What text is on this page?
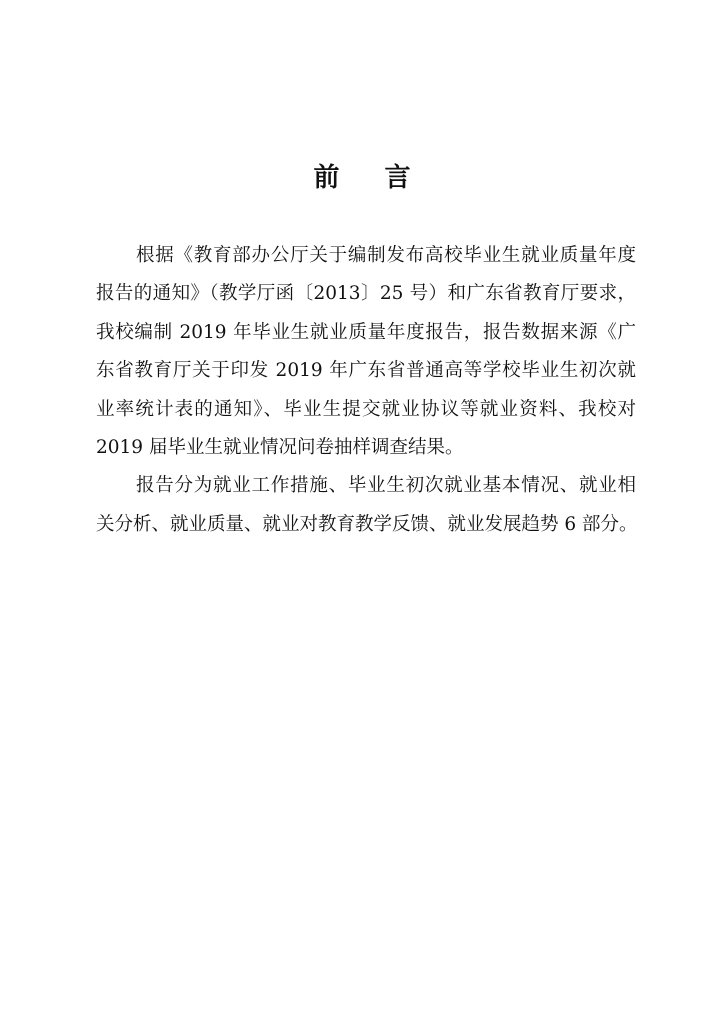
前 言
根据《教育部办公厅关于编制发布高校毕业生就业质量年度
报告的通知》（教学厅函〔2013〕25 号）和广东省教育厅要求，
我校编制 2019 年毕业生就业质量年度报告，报告数据来源《广
东省教育厅关于印发 2019 年广东省普通高等学校毕业生初次就
业率统计表的通知》、毕业生提交就业协议等就业资料、我校对
2019 届毕业生就业情况问卷抽样调查结果。
报告分为就业工作措施、毕业生初次就业基本情况、就业相
关分析、就业质量、就业对教育教学反馈、就业发展趋势 6 部分。
